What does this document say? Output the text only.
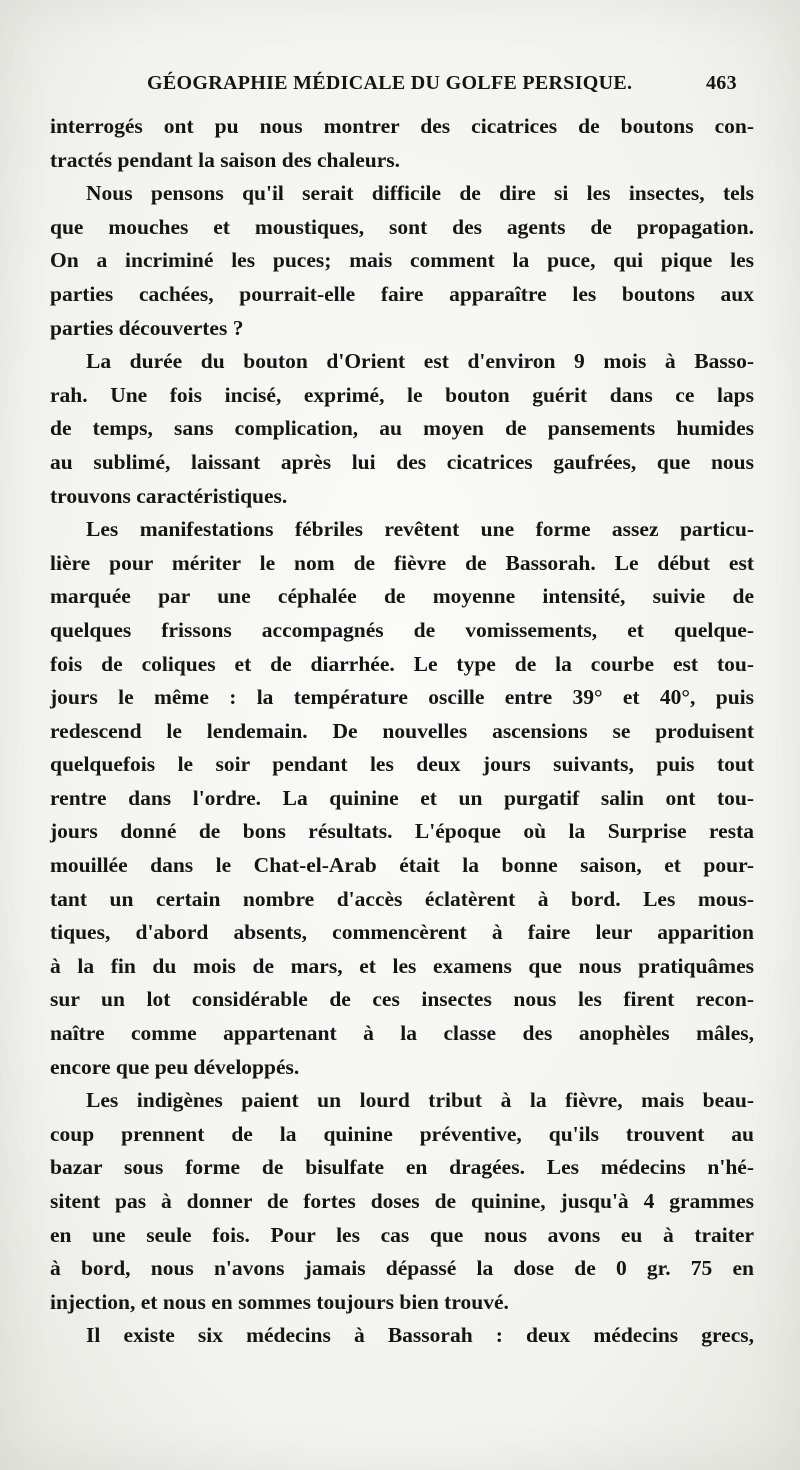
GÉOGRAPHIE MÉDICALE DU GOLFE PERSIQUE.	463
interrogés ont pu nous montrer des cicatrices de boutons con-
tractés pendant la saison des chaleurs.
Nous pensons qu'il serait difficile de dire si les insectes, tels
que mouches et moustiques, sont des agents de propagation.
On a incriminé les puces; mais comment la puce, qui pique les
parties cachées, pourrait-elle faire apparaître les boutons aux
parties découvertes ?
La durée du bouton d'Orient est d'environ 9 mois à Basso-
rah. Une fois incisé, exprimé, le bouton guérit dans ce laps
de temps, sans complication, au moyen de pansements humides
au sublimé, laissant après lui des cicatrices gaufrées, que nous
trouvons caractéristiques.
Les manifestations fébriles revêtent une forme assez particu-
lière pour mériter le nom de fièvre de Bassorah. Le début est
marquée par une céphalée de moyenne intensité, suivie de
quelques frissons accompagnés de vomissements, et quelque-
fois de coliques et de diarrhée. Le type de la courbe est tou-
jours le même : la température oscille entre 39° et 40°, puis
redescend le lendemain. De nouvelles ascensions se produisent
quelquefois le soir pendant les deux jours suivants, puis tout
rentre dans l'ordre. La quinine et un purgatif salin ont tou-
jours donné de bons résultats. L'époque où la Surprise resta
mouillée dans le Chat-el-Arab était la bonne saison, et pour-
tant un certain nombre d'accès éclatèrent à bord. Les mous-
tiques, d'abord absents, commencèrent à faire leur apparition
à la fin du mois de mars, et les examens que nous pratiquâmes
sur un lot considérable de ces insectes nous les firent recon-
naître comme appartenant à la classe des anophèles mâles,
encore que peu développés.
Les indigènes paient un lourd tribut à la fièvre, mais beau-
coup prennent de la quinine préventive, qu'ils trouvent au
bazar sous forme de bisulfate en dragées. Les médecins n'hé-
sitent pas à donner de fortes doses de quinine, jusqu'à 4 grammes
en une seule fois. Pour les cas que nous avons eu à traiter
à bord, nous n'avons jamais dépassé la dose de 0 gr. 75 en
injection, et nous en sommes toujours bien trouvé.
Il existe six médecins à Bassorah : deux médecins grecs,
